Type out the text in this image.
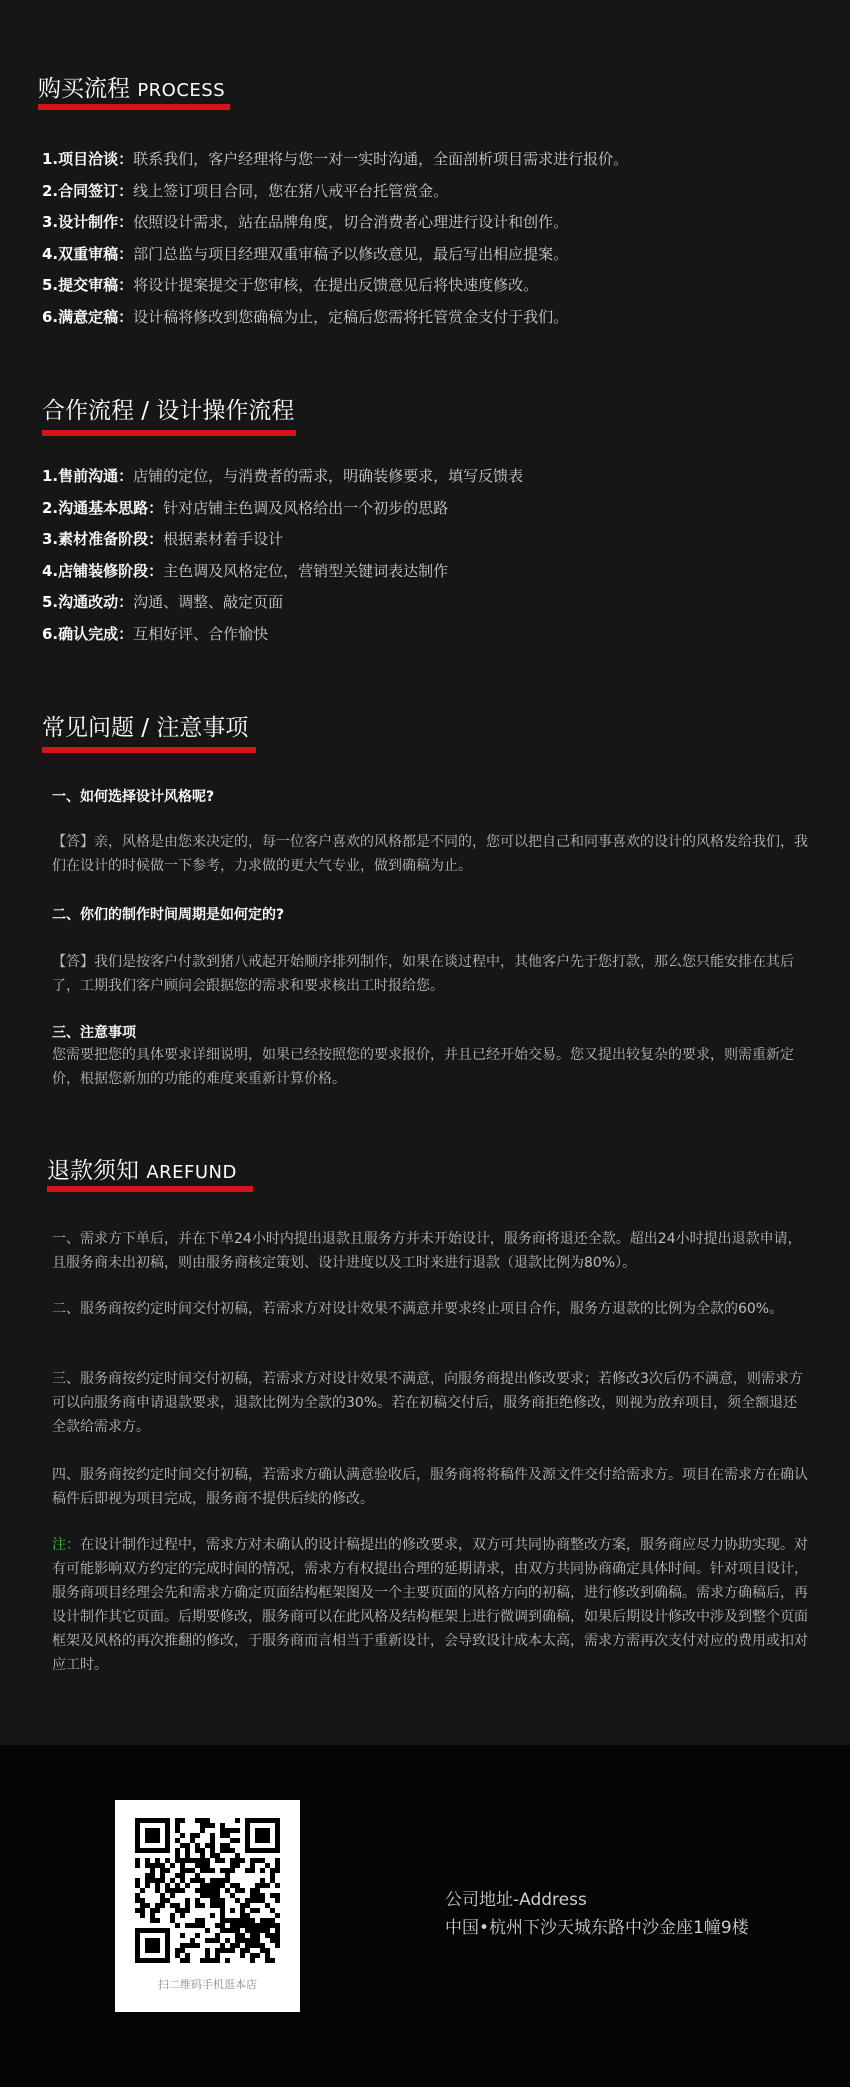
购买流程 PROCESS
1.项目洽谈：联系我们，客户经理将与您一对一实时沟通，全面剖析项目需求进行报价。
2.合同签订：线上签订项目合同，您在猪八戒平台托管赏金。
3.设计制作：依照设计需求，站在品牌角度，切合消费者心理进行设计和创作。
4.双重审稿：部门总监与项目经理双重审稿予以修改意见，最后写出相应提案。
5.提交审稿：将设计提案提交于您审核，在提出反馈意见后将快速度修改。
6.满意定稿：设计稿将修改到您确稿为止，定稿后您需将托管赏金支付于我们。
合作流程 / 设计操作流程
1.售前沟通：店铺的定位，与消费者的需求，明确装修要求，填写反馈表
2.沟通基本思路：针对店铺主色调及风格给出一个初步的思路
3.素材准备阶段：根据素材着手设计
4.店铺装修阶段：主色调及风格定位，营销型关键词表达制作
5.沟通改动：沟通、调整、敲定页面
6.确认完成：互相好评、合作愉快
常见问题 / 注意事项
一、如何选择设计风格呢?
【答】亲，风格是由您来决定的，每一位客户喜欢的风格都是不同的，您可以把自己和同事喜欢的设计的风格发给我们，我们在设计的时候做一下参考，力求做的更大气专业，做到确稿为止。
二、你们的制作时间周期是如何定的?
【答】我们是按客户付款到猪八戒起开始顺序排列制作，如果在谈过程中，其他客户先于您打款，那么您只能安排在其后了，工期我们客户顾问会跟据您的需求和要求核出工时报给您。
三、注意事项
您需要把您的具体要求详细说明，如果已经按照您的要求报价，并且已经开始交易。您又提出较复杂的要求，则需重新定价，根据您新加的功能的难度来重新计算价格。
退款须知 AREFUND
一、需求方下单后，并在下单24小时内提出退款且服务方并未开始设计，服务商将退还全款。超出24小时提出退款申请，且服务商未出初稿，则由服务商核定策划、设计进度以及工时来进行退款（退款比例为80%）。
二、服务商按约定时间交付初稿，若需求方对设计效果不满意并要求终止项目合作，服务方退款的比例为全款的60%。
三、服务商按约定时间交付初稿，若需求方对设计效果不满意，向服务商提出修改要求；若修改3次后仍不满意，则需求方可以向服务商申请退款要求，退款比例为全款的30%。若在初稿交付后，服务商拒绝修改，则视为放弃项目，须全额退还全款给需求方。
四、服务商按约定时间交付初稿，若需求方确认满意验收后，服务商将将稿件及源文件交付给需求方。项目在需求方在确认稿件后即视为项目完成，服务商不提供后续的修改。
注：在设计制作过程中，需求方对未确认的设计稿提出的修改要求，双方可共同协商整改方案，服务商应尽力协助实现。对有可能影响双方约定的完成时间的情况，需求方有权提出合理的延期请求，由双方共同协商确定具体时间。针对项目设计，服务商项目经理会先和需求方确定页面结构框架图及一个主要页面的风格方向的初稿，进行修改到确稿。需求方确稿后，再设计制作其它页面。后期要修改，服务商可以在此风格及结构框架上进行微调到确稿，如果后期设计修改中涉及到整个页面框架及风格的再次推翻的修改，于服务商而言相当于重新设计，会导致设计成本太高，需求方需再次支付对应的费用或扣对应工时。
扫二维码手机逛本店
公司地址-Address
中国•杭州下沙天城东路中沙金座1幢9楼
